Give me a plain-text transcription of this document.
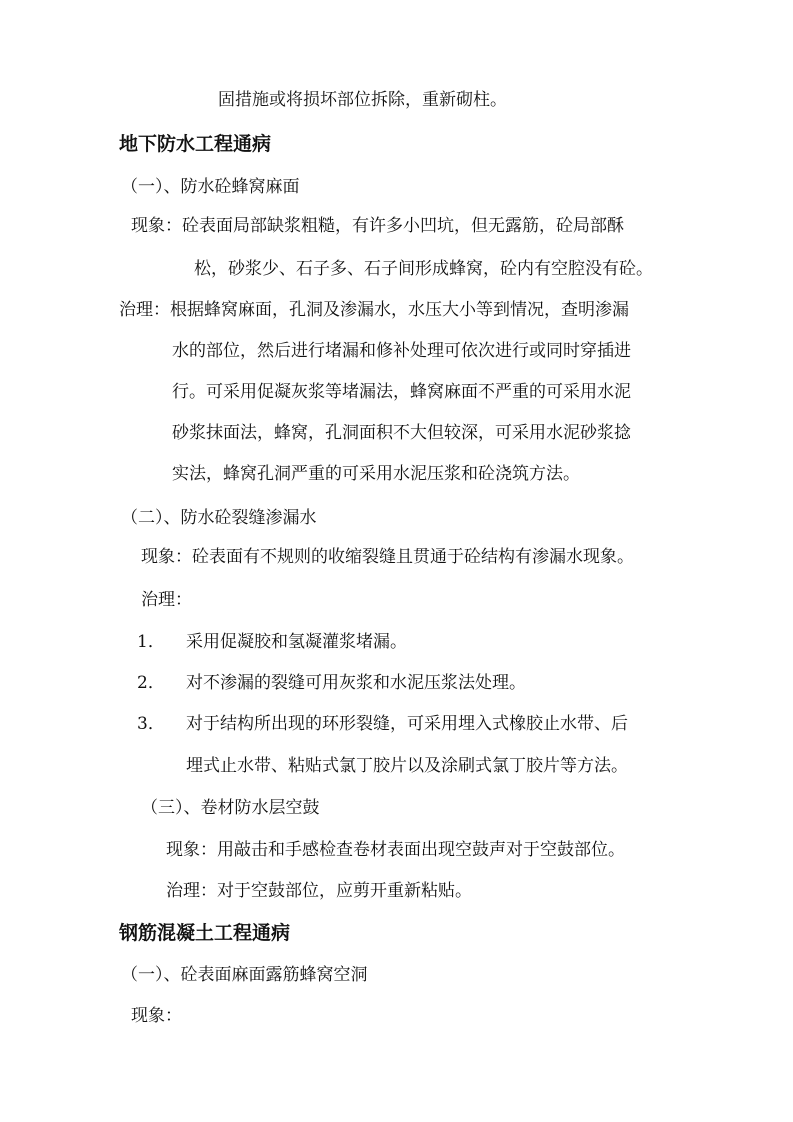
固措施或将损坏部位拆除，重新砌柱。
地下防水工程通病
（一）、防水砼蜂窝麻面
现象：砼表面局部缺浆粗糙，有许多小凹坑，但无露筋，砼局部酥
松，砂浆少、石子多、石子间形成蜂窝，砼内有空腔没有砼。
治理：根据蜂窝麻面，孔洞及渗漏水，水压大小等到情况，查明渗漏
水的部位，然后进行堵漏和修补处理可依次进行或同时穿插进
行。可采用促凝灰浆等堵漏法，蜂窝麻面不严重的可采用水泥
砂浆抹面法，蜂窝，孔洞面积不大但较深，可采用水泥砂浆捻
实法，蜂窝孔洞严重的可采用水泥压浆和砼浇筑方法。
（二）、防水砼裂缝渗漏水
现象：砼表面有不规则的收缩裂缝且贯通于砼结构有渗漏水现象。
治理：
1． 采用促凝胶和氢凝灌浆堵漏。
2． 对不渗漏的裂缝可用灰浆和水泥压浆法处理。
3． 对于结构所出现的环形裂缝，可采用埋入式橡胶止水带、后
埋式止水带、粘贴式氯丁胶片以及涂刷式氯丁胶片等方法。
（三）、卷材防水层空鼓
现象：用敲击和手感检查卷材表面出现空鼓声对于空鼓部位。
治理：对于空鼓部位，应剪开重新粘贴。
钢筋混凝土工程通病
（一）、砼表面麻面露筋蜂窝空洞
现象：
